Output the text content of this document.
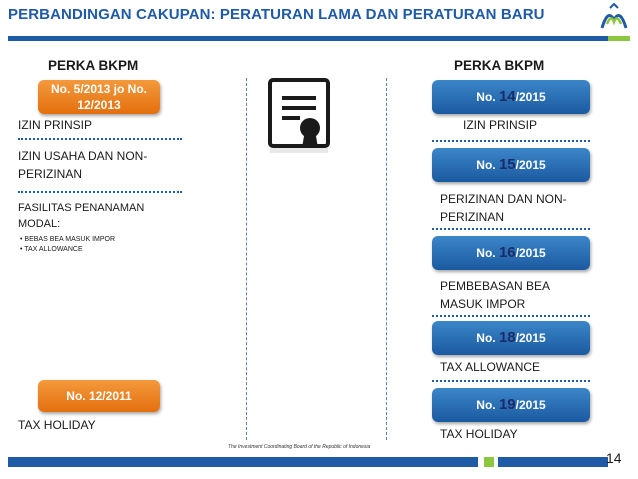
PERBANDINGAN CAKUPAN: PERATURAN LAMA DAN PERATURAN BARU
PERKA BKPM
No. 5/2013 jo No. 12/2013
IZIN PRINSIP
IZIN USAHA DAN NON-PERIZINAN
FASILITAS PENANAMAN MODAL:
• BEBAS BEA MASUK IMPOR
• TAX ALLOWANCE
No. 12/2011
TAX HOLIDAY
PERKA BKPM
No. 14/2015
IZIN PRINSIP
No. 15/2015
PERIZINAN DAN NON-PERIZINAN
No. 16/2015
PEMBEBASAN BEA MASUK IMPOR
No. 18/2015
TAX ALLOWANCE
No. 19/2015
TAX HOLIDAY
The Investment Coordinating Board of the Republic of Indonesia
14
